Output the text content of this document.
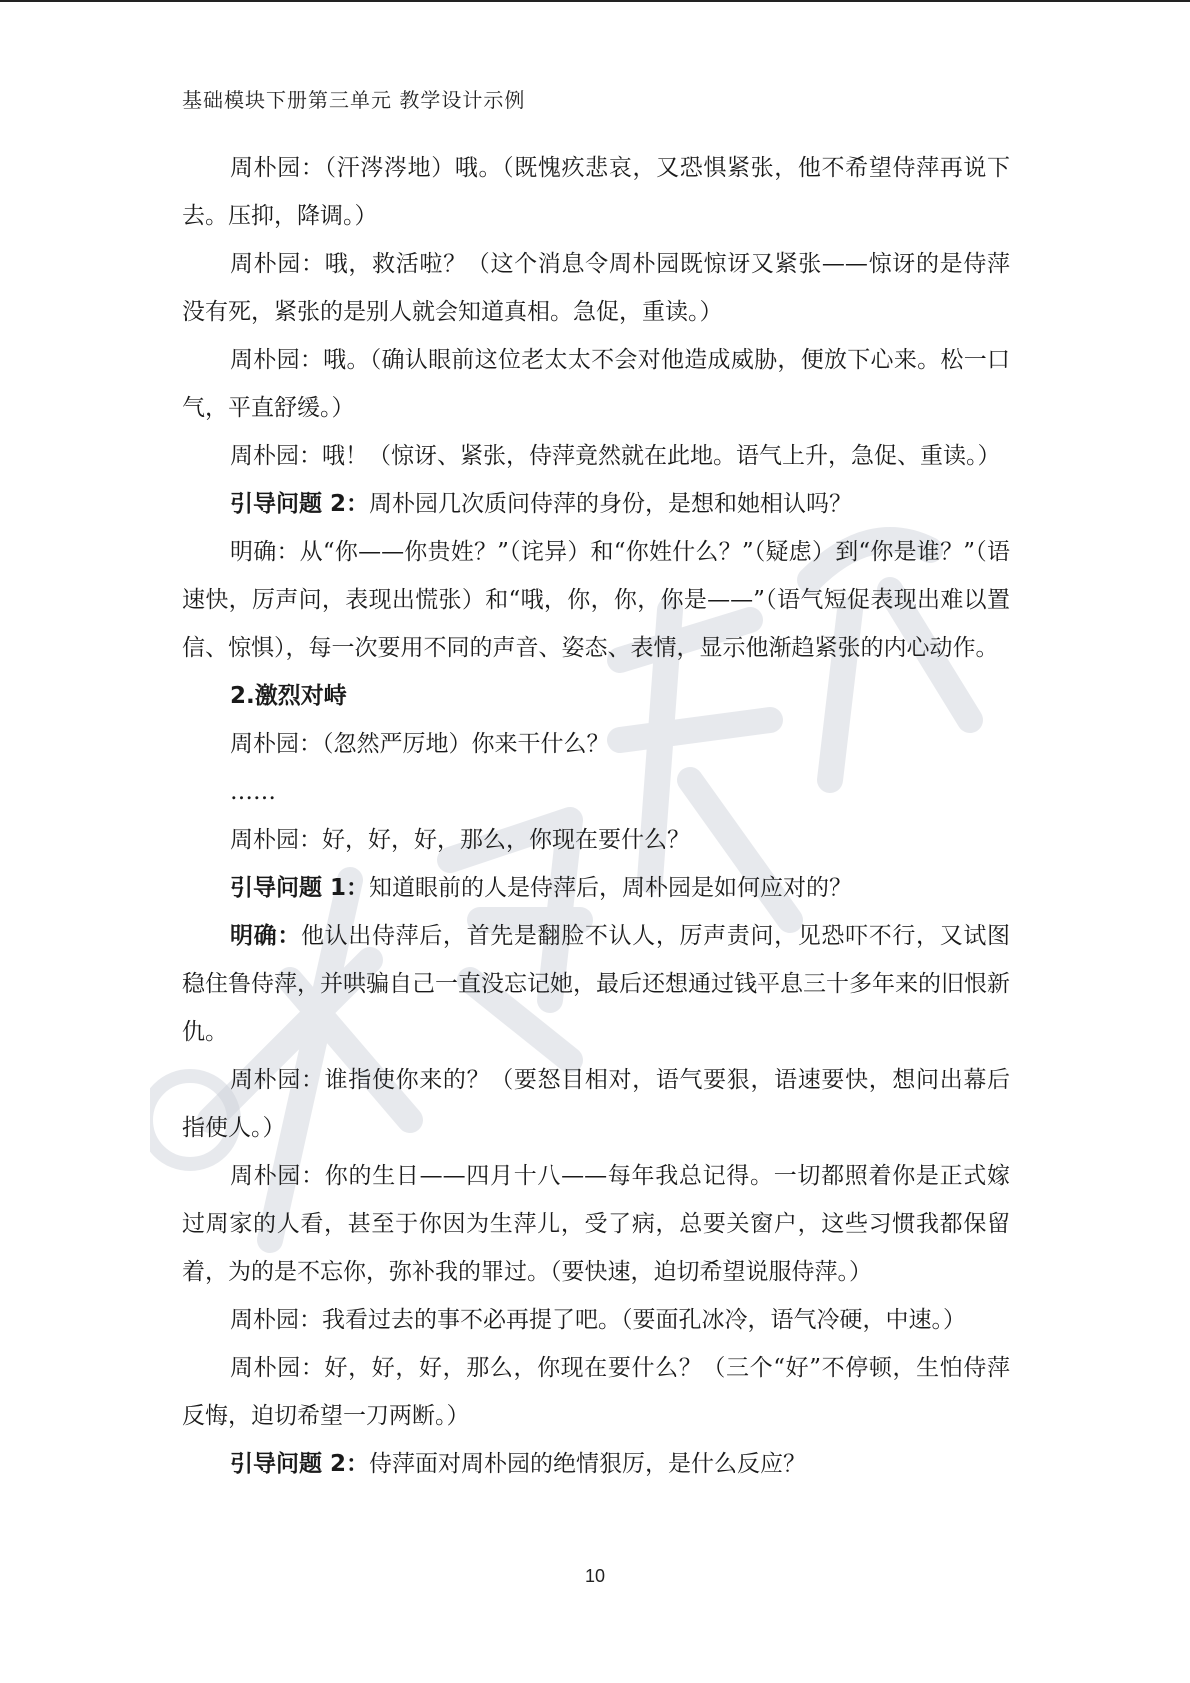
基础模块下册第三单元 教学设计示例

周朴园：（汗涔涔地）哦。（既愧疚悲哀，又恐惧紧张，他不希望侍萍再说下去。压抑，降调。）

周朴园：哦，救活啦？（这个消息令周朴园既惊讶又紧张——惊讶的是侍萍没有死，紧张的是别人就会知道真相。急促，重读。）

周朴园：哦。（确认眼前这位老太太不会对他造成威胁，便放下心来。松一口气，平直舒缓。）

周朴园：哦！（惊讶、紧张，侍萍竟然就在此地。语气上升，急促、重读。）

引导问题 2：周朴园几次质问侍萍的身份，是想和她相认吗？

明确：从“你——你贵姓？”（诧异）和“你姓什么？”（疑虑）到“你是谁？”（语速快，厉声问，表现出慌张）和“哦，你，你，你是——”（语气短促表现出难以置信、惊惧），每一次要用不同的声音、姿态、表情，显示他渐趋紧张的内心动作。

2.激烈对峙

周朴园：（忽然严厉地）你来干什么？

……

周朴园：好，好，好，那么，你现在要什么？

引导问题 1：知道眼前的人是侍萍后，周朴园是如何应对的？

明确：他认出侍萍后，首先是翻脸不认人，厉声责问，见恐吓不行，又试图稳住鲁侍萍，并哄骗自己一直没忘记她，最后还想通过钱平息三十多年来的旧恨新仇。

周朴园：谁指使你来的？（要怒目相对，语气要狠，语速要快，想问出幕后指使人。）

周朴园：你的生日——四月十八——每年我总记得。一切都照着你是正式嫁过周家的人看，甚至于你因为生萍儿，受了病，总要关窗户，这些习惯我都保留着，为的是不忘你，弥补我的罪过。（要快速，迫切希望说服侍萍。）

周朴园：我看过去的事不必再提了吧。（要面孔冰冷，语气冷硬，中速。）

周朴园：好，好，好，那么，你现在要什么？（三个“好”不停顿，生怕侍萍反悔，迫切希望一刀两断。）

引导问题 2：侍萍面对周朴园的绝情狠厉，是什么反应？

10
